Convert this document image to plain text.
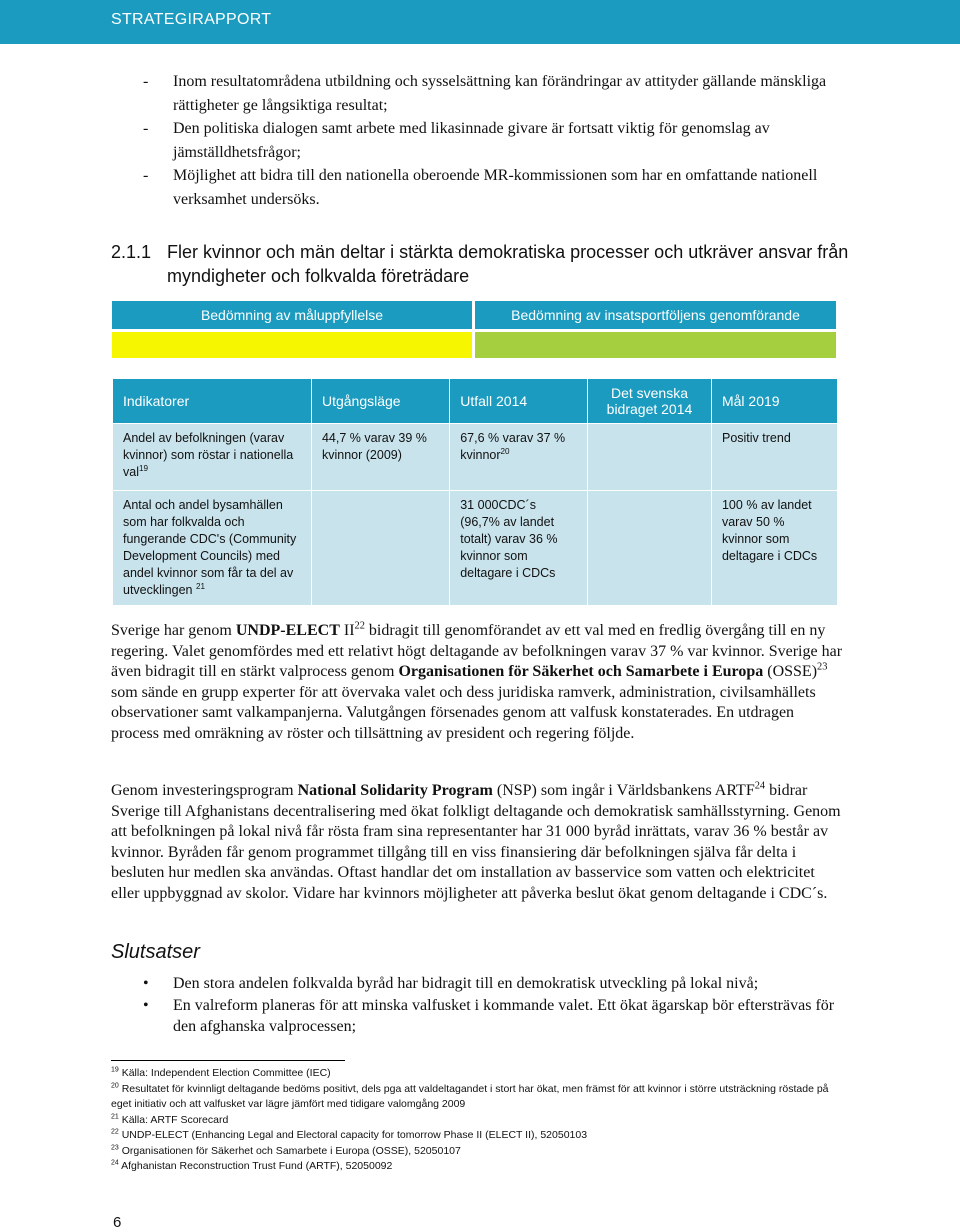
STRATEGIRAPPORT
- Inom resultatområdena utbildning och sysselsättning kan förändringar av attityder gällande mänskliga rättigheter ge långsiktiga resultat;
- Den politiska dialogen samt arbete med likasinnade givare är fortsatt viktig för genomslag av jämställdhetsfrågor;
- Möjlighet att bidra till den nationella oberoende MR-kommissionen som har en omfattande nationell verksamhet undersöks.
2.1.1 Fler kvinnor och män deltar i stärkta demokratiska processer och utkräver ansvar från myndigheter och folkvalda företrädare
Bedömning av måluppfyllelse	Bedömning av insatsportföljens genomförande
Indikatorer	Utgångsläge	Utfall 2014	Det svenska bidraget 2014	Mål 2019
Andel av befolkningen (varav kvinnor) som röstar i nationella val$^{19}$	44,7 % varav 39 % kvinnor (2009)	67,6 % varav 37 % kvinnor$^{20}$		Positiv trend
Antal och andel bysamhällen som har folkvalda och fungerande CDC's (Community Development Councils) med andel kvinnor som får ta del av utvecklingen $^{21}$		31 000CDC´s (96,7% av landet totalt) varav 36 % kvinnor som deltagare i CDCs		100 % av landet varav 50 % kvinnor som deltagare i CDCs
Sverige har genom UNDP-ELECT II$^{22}$ bidragit till genomförandet av ett val med en fredlig övergång till en ny regering. Valet genomfördes med ett relativt högt deltagande av befolkningen varav 37 % var kvinnor. Sverige har även bidragit till en stärkt valprocess genom Organisationen för Säkerhet och Samarbete i Europa (OSSE)$^{23}$ som sände en grupp experter för att övervaka valet och dess juridiska ramverk, administration, civilsamhällets observationer samt valkampanjerna. Valutgången försenades genom att valfusk konstaterades. En utdragen process med omräkning av röster och tillsättning av president och regering följde.
Genom investeringsprogram National Solidarity Program (NSP) som ingår i Världsbankens ARTF$^{24}$ bidrar Sverige till Afghanistans decentralisering med ökat folkligt deltagande och demokratisk samhällsstyrning. Genom att befolkningen på lokal nivå får rösta fram sina representanter har 31 000 byråd inrättats, varav 36 % består av kvinnor. Byråden får genom programmet tillgång till en viss finansiering där befolkningen själva får delta i besluten hur medlen ska användas. Oftast handlar det om installation av basservice som vatten och elektricitet eller uppbyggnad av skolor. Vidare har kvinnors möjligheter att påverka beslut ökat genom deltagande i CDC´s.
Slutsatser
• Den stora andelen folkvalda byråd har bidragit till en demokratisk utveckling på lokal nivå;
• En valreform planeras för att minska valfusket i kommande valet. Ett ökat ägarskap bör eftersträvas för den afghanska valprocessen;
$^{19}$ Källa: Independent Election Committee (IEC)
$^{20}$ Resultatet för kvinnligt deltagande bedöms positivt, dels pga att valdeltagandet i stort har ökat, men främst för att kvinnor i större utsträckning röstade på eget initiativ och att valfusket var lägre jämfört med tidigare valomgång 2009
$^{21}$ Källa: ARTF Scorecard
$^{22}$ UNDP-ELECT (Enhancing Legal and Electoral capacity for tomorrow Phase II (ELECT II), 52050103
$^{23}$ Organisationen för Säkerhet och Samarbete i Europa (OSSE), 52050107
$^{24}$ Afghanistan Reconstruction Trust Fund (ARTF), 52050092
6
